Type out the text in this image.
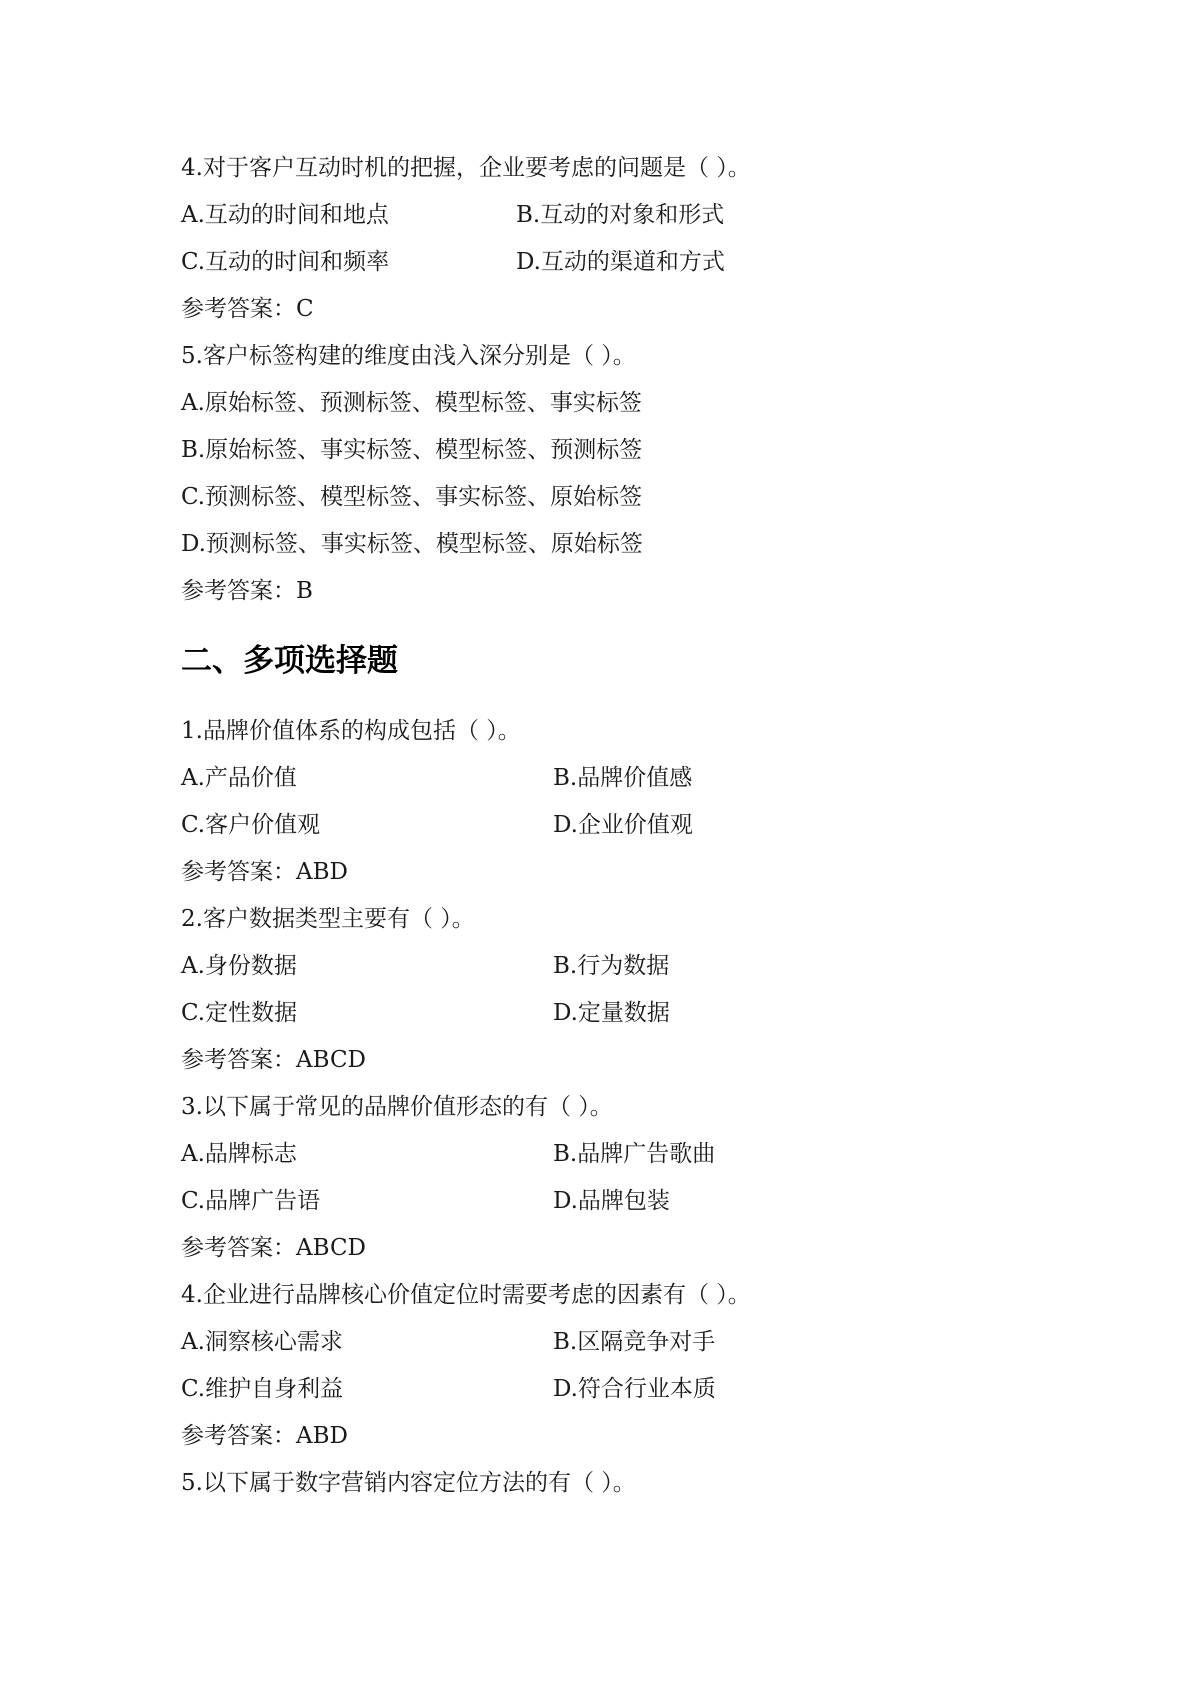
4.对于客户互动时机的把握，企业要考虑的问题是（ ）。
A.互动的时间和地点	B.互动的对象和形式
C.互动的时间和频率	D.互动的渠道和方式
参考答案：C
5.客户标签构建的维度由浅入深分别是（ ）。
A.原始标签、预测标签、模型标签、事实标签
B.原始标签、事实标签、模型标签、预测标签
C.预测标签、模型标签、事实标签、原始标签
D.预测标签、事实标签、模型标签、原始标签
参考答案：B
二、多项选择题
1.品牌价值体系的构成包括（ ）。
A.产品价值	B.品牌价值感
C.客户价值观	D.企业价值观
参考答案：ABD
2.客户数据类型主要有（ ）。
A.身份数据	B.行为数据
C.定性数据	D.定量数据
参考答案：ABCD
3.以下属于常见的品牌价值形态的有（ ）。
A.品牌标志	B.品牌广告歌曲
C.品牌广告语	D.品牌包装
参考答案：ABCD
4.企业进行品牌核心价值定位时需要考虑的因素有（ ）。
A.洞察核心需求	B.区隔竞争对手
C.维护自身利益	D.符合行业本质
参考答案：ABD
5.以下属于数字营销内容定位方法的有（ ）。
